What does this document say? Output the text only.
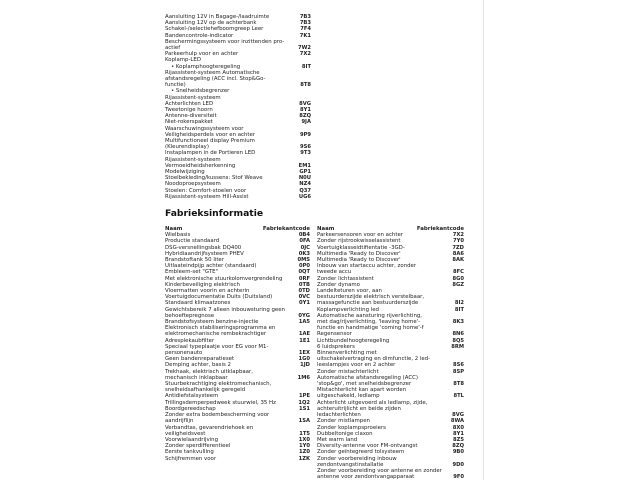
Aansluiting 12V in Bagage-/laadruimte	7B3
Aansluiting 12V op de achterbank	7B3
Schakel-/selectiehefboomgreep Leer	7F4
Bandencontrole-indicator	7K1
Beschermingssysteem voor inzittenden pro-
actief	7W2
Parkeerhulp voor en achter	7X2
Koplamp-LED
• Koplamphoogteregeling	8IT
Rijassistent-systeem Automatische
afstandsregeling (ACC incl. Stop&Go-
functie)	8T8
• Snelheidsbegrenzer
Rijassistent-systeem
Achterlichten LED	8VG
Tweetonige hoorn	8Y1
Antenne-diversiteit	8ZQ
Niet-rokerspakket	9JA
Waarschuwingssysteem voor
Veiligheidsperdels voor en achter	9P9
Multifunctioneel display Premium
(Kleurendisplay)	9S6
Instaplampen in de Portieren LED	9T3
Rijassistent-systeem
Vermoeidheidsherkenning	EM1
Modelwijziging	GP1
Stoelbekleding/kussens: Stof Weave	N0U
Noodoproepsysteem	NZ4
Stoelen: Comfort-stoelen voor	Q37
Rijassistent-systeem Hill-Assist	UG6
Fabrieksinformatie
Naam	Fabriekantcode
Wielbasis	0B4
Productie standaard	0FA
DSG-versnellingsbak DQ400	0JC
Hybridiaandrijfsysteem PHEV	0K3
Brandstoftank 50 liter	0MS
Uitlaateindpijp achter (standaard)	0P0
Embleem-set "GTE"	0QT
Met elektronische stuurkolomvergrendeling	0RF
Kinderbeveiliging elektrisch	0TB
Vloermatten voorin en achterin	0TD
Voertuigdocumentatie Duits (Duitsland)	0VC
Standaard klimaatzones	0Y1
Gewichtsbereik 7 alleen inbouwsturing geen
behoeftepregnose	0YG
Brandstofsysteem benzine-injectie	1A5
Elektronisch stabiliseringsprogramma en
elektromechanische rembekrachtiger	1AE
Adresplekaubfilter	1E1
Speciaal typeplaatje voor EG voor M1-
personenauto	1EX
Geen bandenreparatieset	1G0
Demping achter, basis 2	1JD
Trekhaak, elektrisch uitklapbaar,
mechanisch inklapbaar	1M6
Stuurbekrachtiging elektromechanisch,
snelheidsafhankelijk geregeld
Antidiefstalsysteem	1PE
Trillingsdemperpedweek stuurwiel, 35 Hz	1Q2
Boordgereedschap	1S1
Zonder extra bodembescherming voor
aandrijflijn	1SA
Verbandtas, gevarendriehoek en
veiligheidsvest	1T5
Voorwielaandrijving	1X0
Zonder sperdifferentieel	1Y0
Eerste tankvulling	1Z0
Schijfremmen voor	1ZK
Naam	Fabriekantcode
Parkeersensoren voor en achter	7X2
Zonder rijstrookwisselassistent	7Y0
Voertuigklasseidtifientatie -3GD-	7ZD
Multimedia 'Ready to Discover'	8A6
Multimedia 'Ready to Discover'	8AK
Inbouw van startaccu achter, zonder
tweede accu	8FC
Zonder lichtassistent	8G0
Zonder dynamo	8GZ
Landelteturen voor, aan
bestuurderszijde elektrisch verstelbaar,
massagefunctie aan bestuurderszijde	8I2
Koplampverlichting led	8IT
Automatische aansturing rijverlichting,
met dag/rijverlichting, 'leaving home'-	8K3
functie en handmatige 'coming home'-f
Regensensor	8N6
Lichtbundelhoogteregeling	8Q5
6 luidsprekers	8RM
Binnenverlichting met
uitschakelvertraging en dimfunctie, 2 led-
leeslampjes voor en 2 achter	8S6
Zonder mistachterlicht	8SP
Automatische afstandsregeling (ACC)
'stop&go', met snelheidsbegrenzer	8T8
Mistachterlicht kan apart worden
uitgeschakeld, ledlamp	8TL
Achterlicht uitgevoerd als ledlamp, zijde,
achteruitrijlicht en beide zijden
ledachterlichten	8VG
Zonder mistlampen	8WA
Zonder koplampsproeiers	8X0
Dubbeltonige claxon	8Y1
Met warm land	8Z5
Diversity-antenne voor FM-ontvangst	8ZQ
Zonder geïntegreerd tolsysteem	9B0
Zonder voorbereiding inbouw
zendontvangstinstallatie	9D0
Zonder voorbereiding voor antenne en zonder
antenne voor zendontvangapparaat	9F0
